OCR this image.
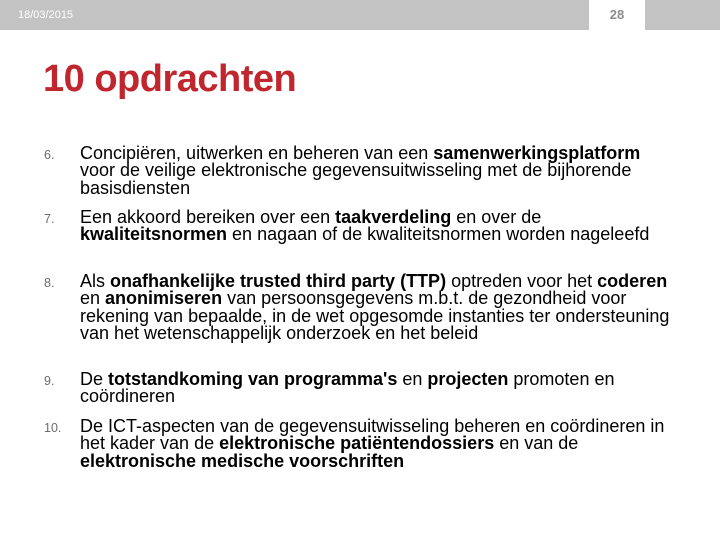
18/03/2015	28
10 opdrachten
6. Concipiëren, uitwerken en beheren van een samenwerkingsplatform voor de veilige elektronische gegevensuitwisseling met de bijhorende basisdiensten
7. Een akkoord bereiken over een taakverdeling en over de kwaliteitsnormen en nagaan of de kwaliteitsnormen worden nageleefd
8. Als onafhankelijke trusted third party (TTP) optreden voor het coderen en anonimiseren van persoonsgegevens m.b.t. de gezondheid voor rekening van bepaalde, in de wet opgesomde instanties ter ondersteuning van het wetenschappelijk onderzoek en het beleid
9. De totstandkoming van programma's en projecten promoten en coördineren
10. De ICT-aspecten van de gegevensuitwisseling beheren en coördineren in het kader van de elektronische patiëntendossiers en van de elektronische medische voorschriften
